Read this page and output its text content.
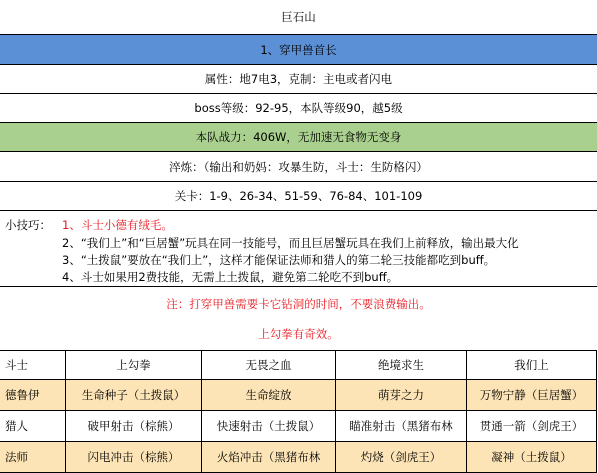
巨石山
1、穿甲兽首长
属性：地7电3，克制：主电或者闪电
boss等级：92-95，本队等级90，越5级
本队战力：406W，无加速无食物无变身
淬炼：（输出和奶妈：攻暴生防，斗士：生防格闪）
关卡：1-9、26-34、51-59、76-84、101-109
小技巧： 1、斗士小德有绒毛。
2、“我们上”和“巨居蟹”玩具在同一技能号，而且巨居蟹玩具在我们上前释放，输出最大化
3、“土拨鼠”要放在“我们上”，这样才能保证法师和猎人的第二轮三技能都吃到buff。
4、斗士如果用2费技能，无需上土拨鼠，避免第二轮吃不到buff。
注：打穿甲兽需要卡它钻洞的时间，不要浪费输出。
上勾拳有奇效。
斗士	上勾拳	无畏之血	绝境求生	我们上
德鲁伊	生命种子（土拨鼠）	生命绽放	萌芽之力	万物宁静（巨居蟹）
猎人	破甲射击（棕熊）	快速射击（土拨鼠）	瞄准射击（黑猪布林	贯通一箭（剑虎王）
法师	闪电冲击（棕熊）	火焰冲击（黑猪布林	灼烧（剑虎王）	凝神（土拨鼠）
